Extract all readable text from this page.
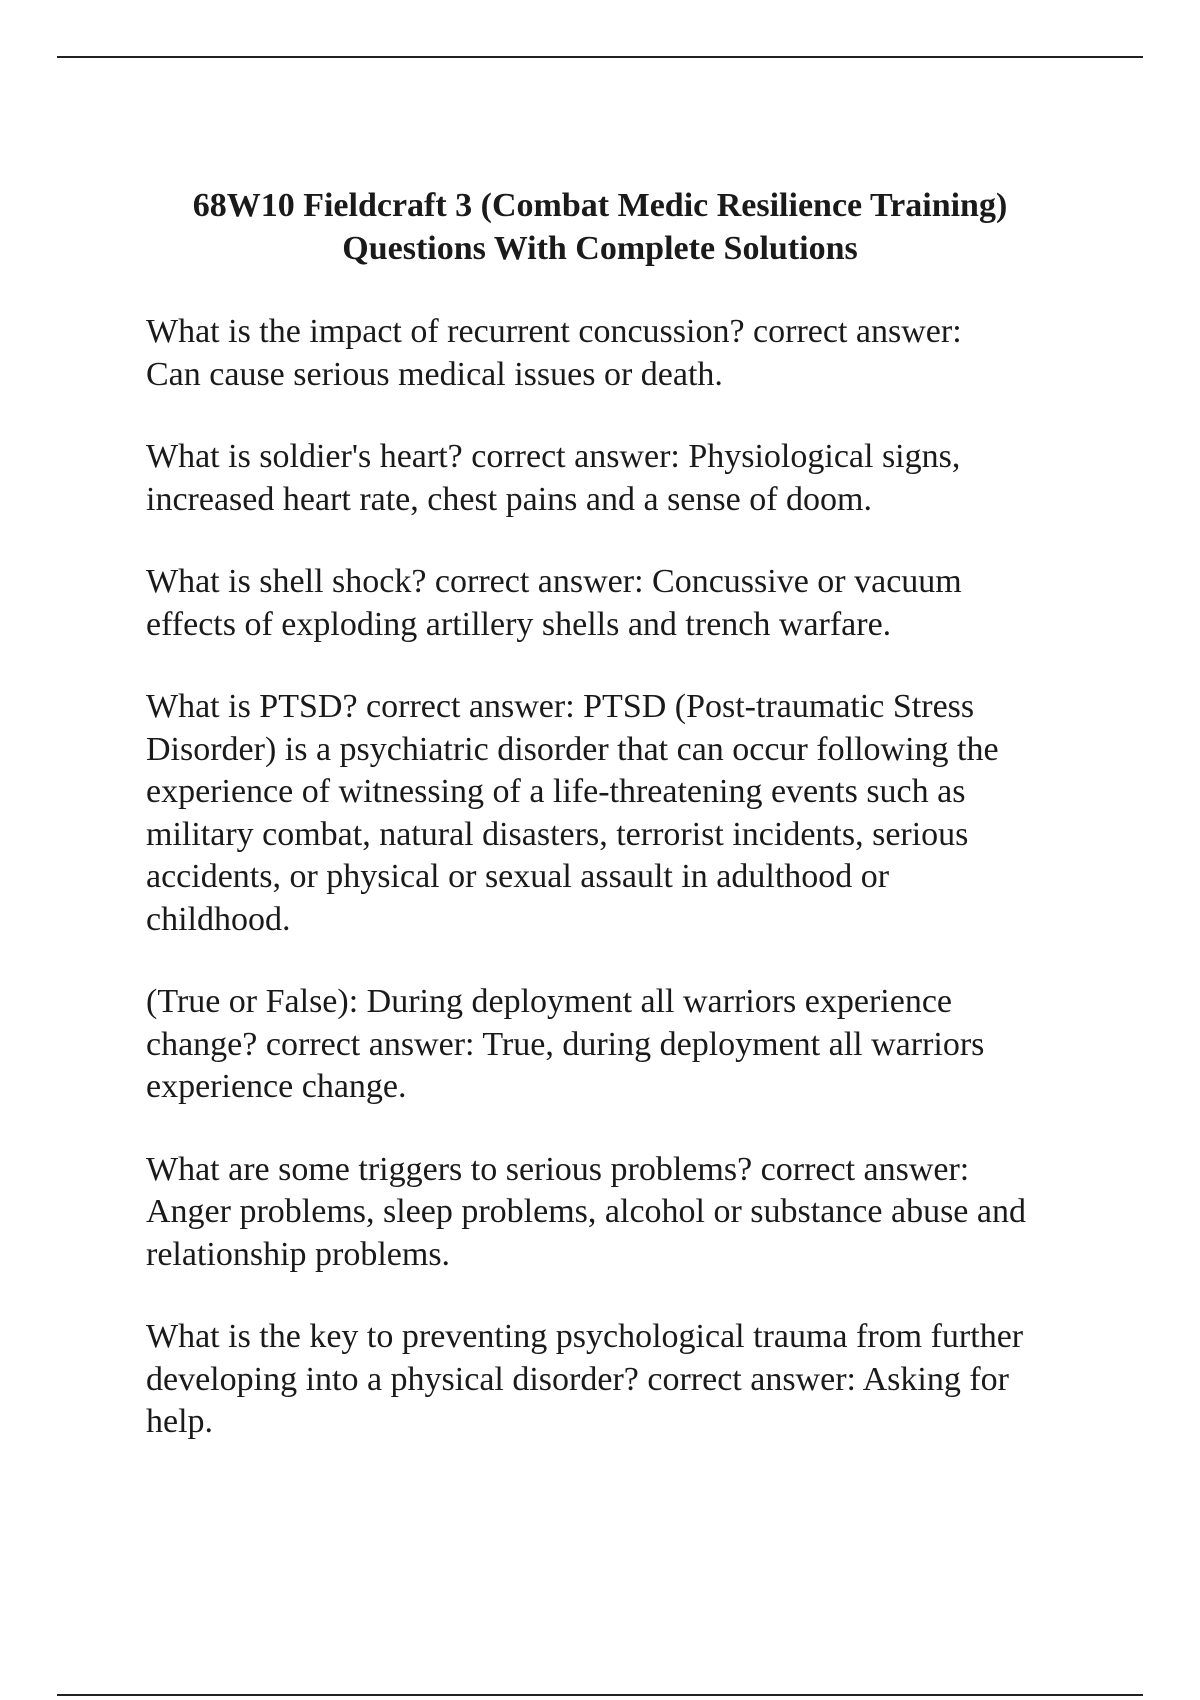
68W10 Fieldcraft 3 (Combat Medic Resilience Training)
Questions With Complete Solutions
What is the impact of recurrent concussion? correct answer:
Can cause serious medical issues or death.
What is soldier's heart? correct answer: Physiological signs,
increased heart rate, chest pains and a sense of doom.
What is shell shock? correct answer: Concussive or vacuum
effects of exploding artillery shells and trench warfare.
What is PTSD? correct answer: PTSD (Post-traumatic Stress
Disorder) is a psychiatric disorder that can occur following the
experience of witnessing of a life-threatening events such as
military combat, natural disasters, terrorist incidents, serious
accidents, or physical or sexual assault in adulthood or
childhood.
(True or False): During deployment all warriors experience
change? correct answer: True, during deployment all warriors
experience change.
What are some triggers to serious problems? correct answer:
Anger problems, sleep problems, alcohol or substance abuse and
relationship problems.
What is the key to preventing psychological trauma from further
developing into a physical disorder? correct answer: Asking for
help.
